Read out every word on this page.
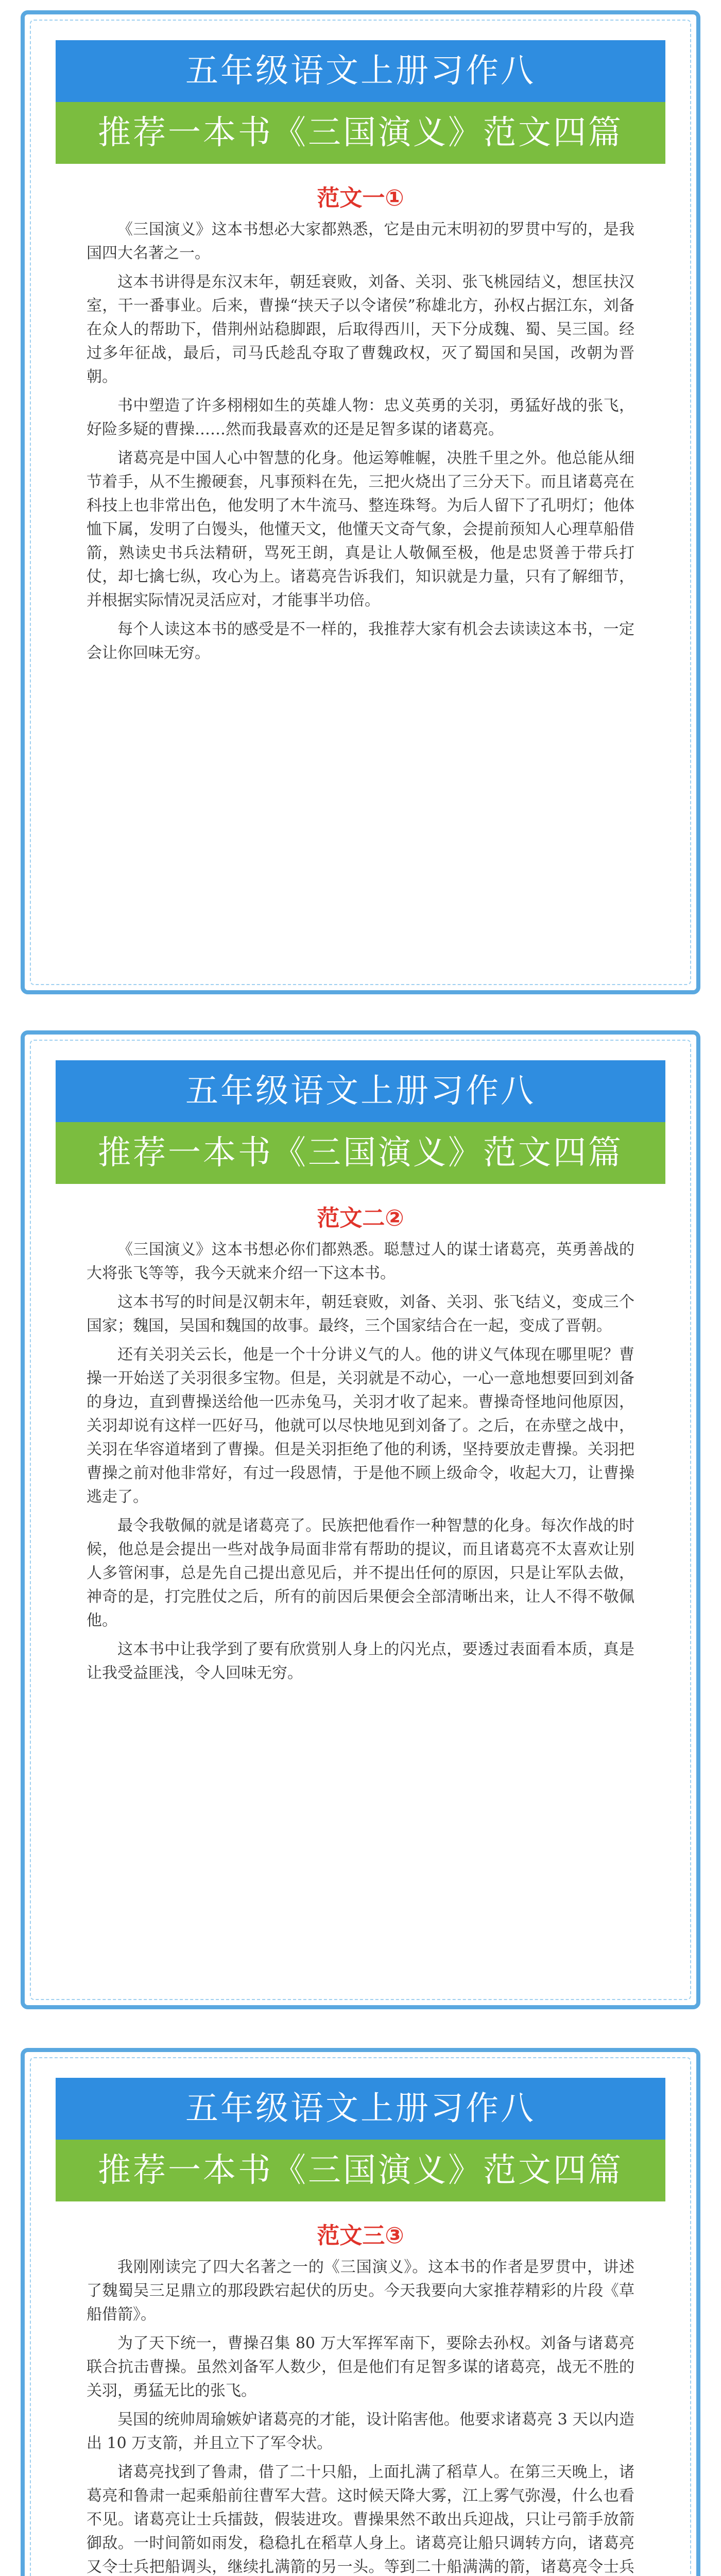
五年级语文上册习作八
推荐一本书《三国演义》范文四篇
范文一①

《三国演义》这本书想必大家都熟悉，它是由元末明初的罗贯中写的，是我国四大名著之一。

这本书讲得是东汉末年，朝廷衰败，刘备、关羽、张飞桃园结义，想匡扶汉室，干一番事业。后来，曹操“挟天子以令诸侯”称雄北方，孙权占据江东，刘备在众人的帮助下，借荆州站稳脚跟，后取得西川，天下分成魏、蜀、吴三国。经过多年征战，最后，司马氏趁乱夺取了曹魏政权，灭了蜀国和吴国，改朝为晋朝。

书中塑造了许多栩栩如生的英雄人物：忠义英勇的关羽，勇猛好战的张飞，好险多疑的曹操……然而我最喜欢的还是足智多谋的诸葛亮。

诸葛亮是中国人心中智慧的化身。他运筹帷幄，决胜千里之外。他总能从细节着手，从不生搬硬套，凡事预料在先，三把火烧出了三分天下。而且诸葛亮在科技上也非常出色，他发明了木牛流马、整连珠弩。为后人留下了孔明灯；他体恤下属，发明了白馒头，他懂天文，他懂天文奇气象，会提前预知人心理草船借箭，熟读史书兵法精研，骂死王朗，真是让人敬佩至极，他是忠贤善于带兵打仗，却七擒七纵，攻心为上。诸葛亮告诉我们，知识就是力量，只有了解细节，并根据实际情况灵活应对，才能事半功倍。

每个人读这本书的感受是不一样的，我推荐大家有机会去读读这本书，一定会让你回味无穷。

五年级语文上册习作八
推荐一本书《三国演义》范文四篇
范文二②

《三国演义》这本书想必你们都熟悉。聪慧过人的谋士诸葛亮，英勇善战的大将张飞等等，我今天就来介绍一下这本书。

这本书写的时间是汉朝末年，朝廷衰败，刘备、关羽、张飞结义，变成三个国家；魏国，吴国和魏国的故事。最终，三个国家结合在一起，变成了晋朝。

还有关羽关云长，他是一个十分讲义气的人。他的讲义气体现在哪里呢？曹操一开始送了关羽很多宝物。但是，关羽就是不动心，一心一意地想要回到刘备的身边，直到曹操送给他一匹赤兔马，关羽才收了起来。曹操奇怪地问他原因，关羽却说有这样一匹好马，他就可以尽快地见到刘备了。之后，在赤壁之战中，关羽在华容道堵到了曹操。但是关羽拒绝了他的利诱，坚持要放走曹操。关羽把曹操之前对他非常好，有过一段恩情，于是他不顾上级命令，收起大刀，让曹操逃走了。

最令我敬佩的就是诸葛亮了。民族把他看作一种智慧的化身。每次作战的时候，他总是会提出一些对战争局面非常有帮助的提议，而且诸葛亮不太喜欢让别人多管闲事，总是先自己提出意见后，并不提出任何的原因，只是让军队去做，神奇的是，打完胜仗之后，所有的前因后果便会全部清晰出来，让人不得不敬佩他。

这本书中让我学到了要有欣赏别人身上的闪光点，要透过表面看本质，真是让我受益匪浅，令人回味无穷。

五年级语文上册习作八
推荐一本书《三国演义》范文四篇
范文三③

我刚刚读完了四大名著之一的《三国演义》。这本书的作者是罗贯中，讲述了魏蜀吴三足鼎立的那段跌宕起伏的历史。今天我要向大家推荐精彩的片段《草船借箭》。

为了天下统一，曹操召集 80 万大军挥军南下，要除去孙权。刘备与诸葛亮联合抗击曹操。虽然刘备军人数少，但是他们有足智多谋的诸葛亮，战无不胜的关羽，勇猛无比的张飞。

吴国的统帅周瑜嫉妒诸葛亮的才能，设计陷害他。他要求诸葛亮 3 天以内造出 10 万支箭，并且立下了军令状。

诸葛亮找到了鲁肃，借了二十只船，上面扎满了稻草人。在第三天晚上，诸葛亮和鲁肃一起乘船前往曹军大营。这时候天降大雾，江上雾气弥漫，什么也看不见。诸葛亮让士兵擂鼓，假装进攻。曹操果然不敢出兵迎战，只让弓箭手放箭御敌。一时间箭如雨发，稳稳扎在稻草人身上。诸葛亮让船只调转方向，诸葛亮又令士兵把船调头，继续扎满箭的另一头。等到二十船满满的箭，诸葛亮令士兵
